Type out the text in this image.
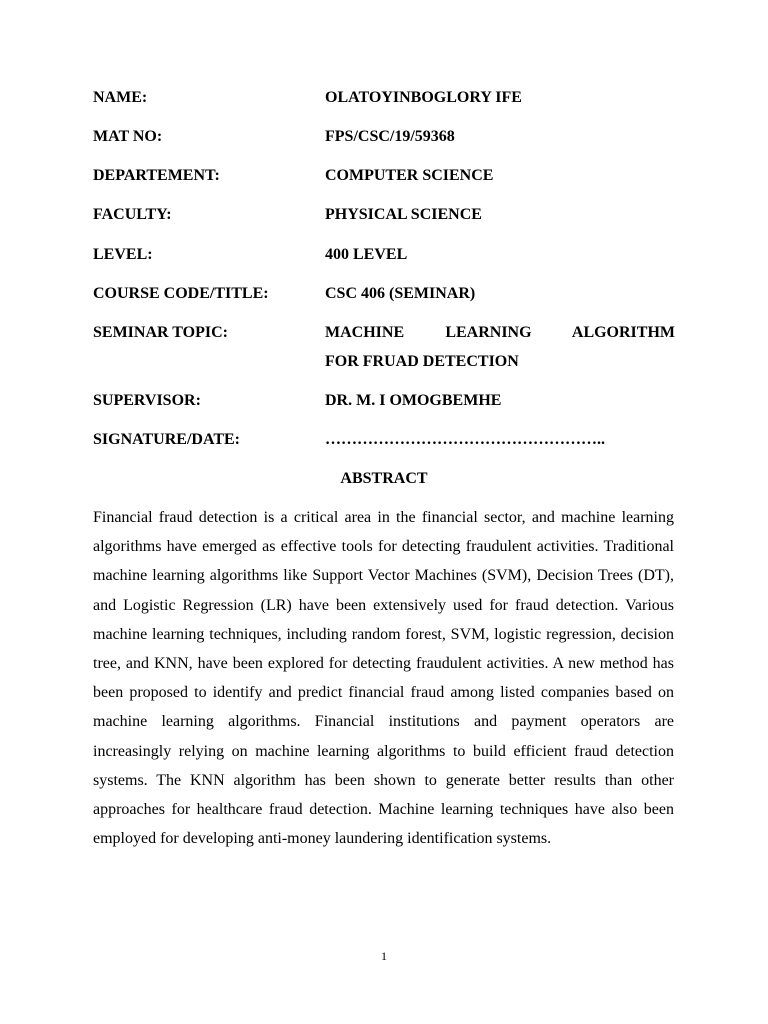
NAME:	OLATOYINBOGLORY IFE
MAT NO:	FPS/CSC/19/59368
DEPARTEMENT:	COMPUTER SCIENCE
FACULTY:	PHYSICAL SCIENCE
LEVEL:	400 LEVEL
COURSE CODE/TITLE:	CSC 406 (SEMINAR)
SEMINAR TOPIC:	MACHINE LEARNING ALGORITHM
FOR FRUAD DETECTION
SUPERVISOR:	DR. M. I OMOGBEMHE
SIGNATURE/DATE:	……………………………………………..
ABSTRACT
Financial fraud detection is a critical area in the financial sector, and machine learning algorithms have emerged as effective tools for detecting fraudulent activities. Traditional machine learning algorithms like Support Vector Machines (SVM), Decision Trees (DT), and Logistic Regression (LR) have been extensively used for fraud detection. Various machine learning techniques, including random forest, SVM, logistic regression, decision tree, and KNN, have been explored for detecting fraudulent activities. A new method has been proposed to identify and predict financial fraud among listed companies based on machine learning algorithms. Financial institutions and payment operators are increasingly relying on machine learning algorithms to build efficient fraud detection systems. The KNN algorithm has been shown to generate better results than other approaches for healthcare fraud detection. Machine learning techniques have also been employed for developing anti-money laundering identification systems.
1
